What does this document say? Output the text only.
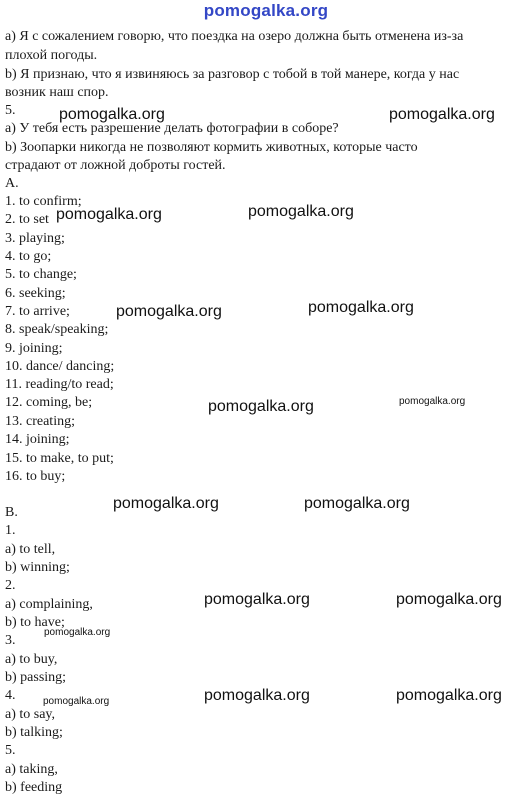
pomogalka.org
a) Я с сожалением говорю, что поездка на озеро должна быть отменена из-за
плохой погоды.
b) Я признаю, что я извиняюсь за разговор с тобой в той манере, когда у нас
возник наш спор.
5.
a) У тебя есть разрешение делать фотографии в соборе?
b) Зоопарки никогда не позволяют кормить животных, которые часто
страдают от ложной доброты гостей.
A.
1. to confirm;
2. to set
3. playing;
4. to go;
5. to change;
6. seeking;
7. to arrive;
8. speak/speaking;
9. joining;
10. dance/ dancing;
11. reading/to read;
12. coming, be;
13. creating;
14. joining;
15. to make, to put;
16. to buy;
B.
1.
a) to tell,
b) winning;
2.
a) complaining,
b) to have;
3.
a) to buy,
b) passing;
4.
a) to say,
b) talking;
5.
a) taking,
b) feeding
pomogalka.org	pomogalka.org
pomogalka.org	pomogalka.org
pomogalka.org	pomogalka.org
pomogalka.org	pomogalka.org
pomogalka.org	pomogalka.org
pomogalka.org	pomogalka.org
pomogalka.org
pomogalka.org	pomogalka.org
pomogalka.org
